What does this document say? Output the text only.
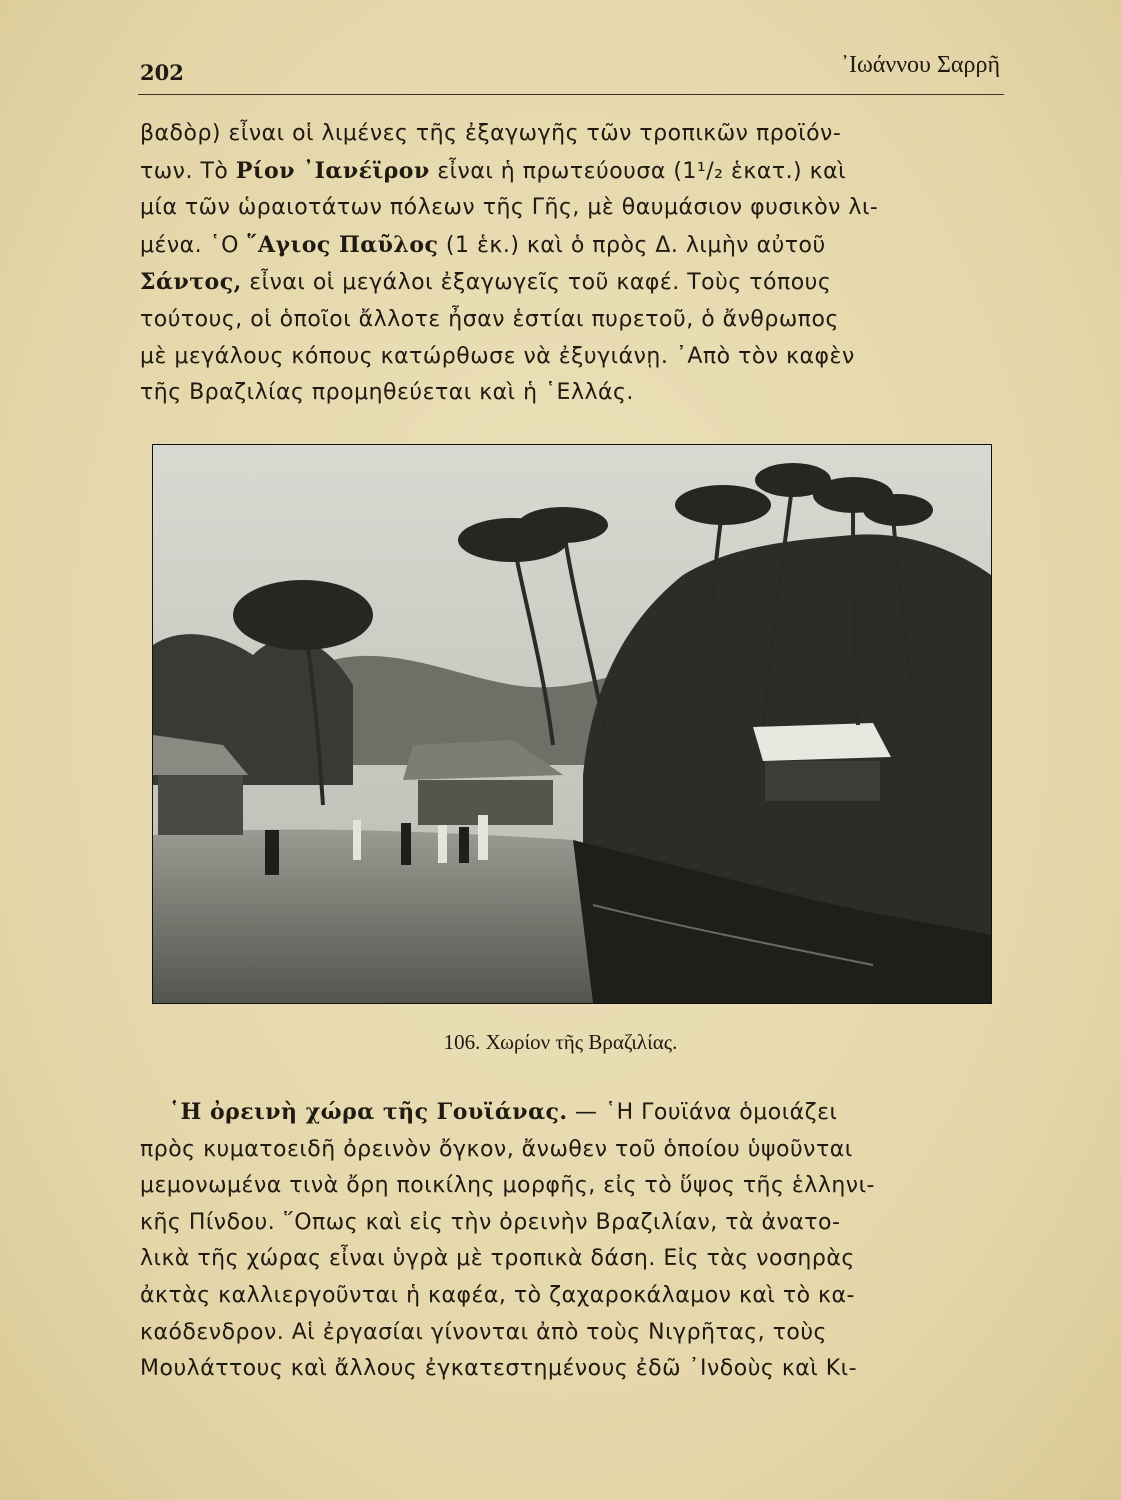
202	᾿Ιωάννου Σαρρῆ
βαδὸρ) εἶναι οἱ λιμένες τῆς ἐξαγωγῆς τῶν τροπικῶν προϊόν-
των. Τὸ Ρίον ᾿Ιανέϊρον εἶναι ἡ πρωτεύουσα (1¹/₂ ἑκατ.) καὶ
μία τῶν ὡραιοτάτων πόλεων τῆς Γῆς, μὲ θαυμάσιον φυσικὸν λι-
μένα. ῾Ο ῞Αγιος Παῦλος (1 ἑκ.) καὶ ὁ πρὸς Δ. λιμὴν αὐτοῦ
Σάντος, εἶναι οἱ μεγάλοι ἐξαγωγεῖς τοῦ καφέ. Τοὺς τόπους
τούτους, οἱ ὁποῖοι ἄλλοτε ἦσαν ἑστίαι πυρετοῦ, ὁ ἄνθρωπος
μὲ μεγάλους κόπους κατώρθωσε νὰ ἐξυγιάνῃ. ᾿Απὸ τὸν καφὲν
τῆς Βραζιλίας προμηθεύεται καὶ ἡ ῾Ελλάς.
106. Χωρίον τῆς Βραζιλίας.
  ῾Η ὀρεινὴ χώρα τῆς Γουϊάνας. — ῾Η Γουϊάνα ὁμοιάζει
πρὸς κυματοειδῆ ὀρεινὸν ὄγκον, ἄνωθεν τοῦ ὁποίου ὑψοῦνται
μεμονωμένα τινὰ ὄρη ποικίλης μορφῆς, εἰς τὸ ὕψος τῆς ἑλληνι-
κῆς Πίνδου. ῞Οπως καὶ εἰς τὴν ὀρεινὴν Βραζιλίαν, τὰ ἀνατο-
λικὰ τῆς χώρας εἶναι ὑγρὰ μὲ τροπικὰ δάση. Εἰς τὰς νοσηρὰς
ἀκτὰς καλλιεργοῦνται ἡ καφέα, τὸ ζαχαροκάλαμον καὶ τὸ κα-
καόδενδρον. Αἱ ἐργασίαι γίνονται ἀπὸ τοὺς Νιγρῆτας, τοὺς
Μουλάττους καὶ ἄλλους ἐγκατεστημένους ἐδῶ ᾿Ινδοὺς καὶ Κι-
